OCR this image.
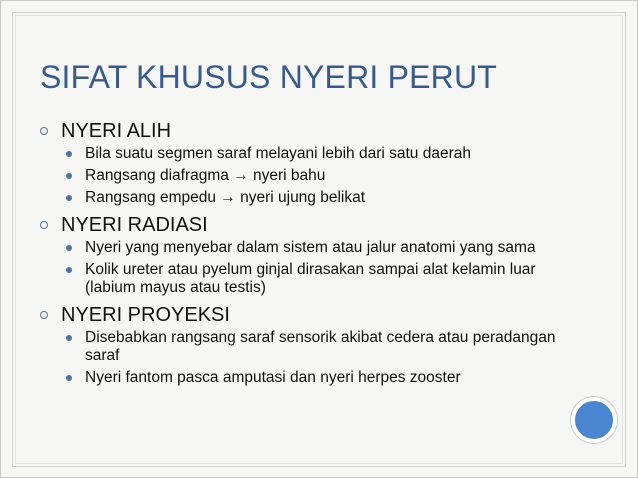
SIFAT KHUSUS NYERI PERUT
NYERI ALIH
Bila suatu segmen saraf melayani lebih dari satu daerah
Rangsang diafragma → nyeri bahu
Rangsang empedu → nyeri ujung belikat
NYERI RADIASI
Nyeri yang menyebar dalam sistem atau jalur anatomi yang sama
Kolik ureter atau pyelum ginjal dirasakan sampai alat kelamin luar (labium mayus atau testis)
NYERI PROYEKSI
Disebabkan rangsang saraf sensorik akibat cedera atau peradangan saraf
Nyeri fantom pasca amputasi dan nyeri herpes zooster
